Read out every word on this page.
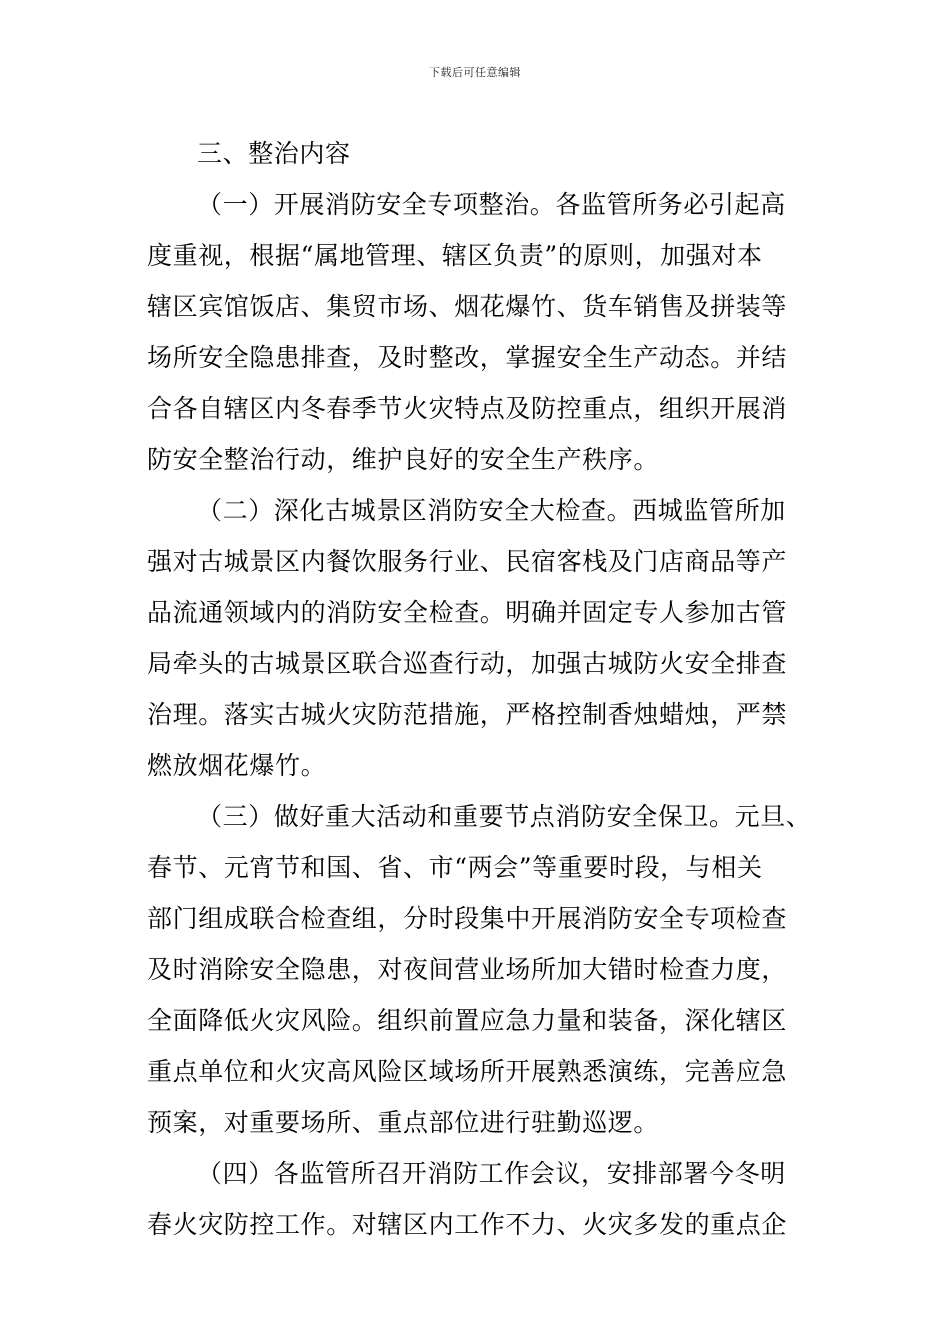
下载后可任意编辑
三、整治内容
（一）开展消防安全专项整治。各监管所务必引起高
度重视，根据“属地管理、辖区负责”的原则，加强对本
辖区宾馆饭店、集贸市场、烟花爆竹、货车销售及拼装等
场所安全隐患排查，及时整改，掌握安全生产动态。并结
合各自辖区内冬春季节火灾特点及防控重点，组织开展消
防安全整治行动，维护良好的安全生产秩序。
（二）深化古城景区消防安全大检查。西城监管所加
强对古城景区内餐饮服务行业、民宿客栈及门店商品等产
品流通领域内的消防安全检查。明确并固定专人参加古管
局牵头的古城景区联合巡查行动，加强古城防火安全排查
治理。落实古城火灾防范措施，严格控制香烛蜡烛，严禁
燃放烟花爆竹。
（三）做好重大活动和重要节点消防安全保卫。元旦、
春节、元宵节和国、省、市“两会”等重要时段，与相关
部门组成联合检查组，分时段集中开展消防安全专项检查
及时消除安全隐患，对夜间营业场所加大错时检查力度，
全面降低火灾风险。组织前置应急力量和装备，深化辖区
重点单位和火灾高风险区域场所开展熟悉演练，完善应急
预案，对重要场所、重点部位进行驻勤巡逻。
（四）各监管所召开消防工作会议，安排部署今冬明
春火灾防控工作。对辖区内工作不力、火灾多发的重点企
